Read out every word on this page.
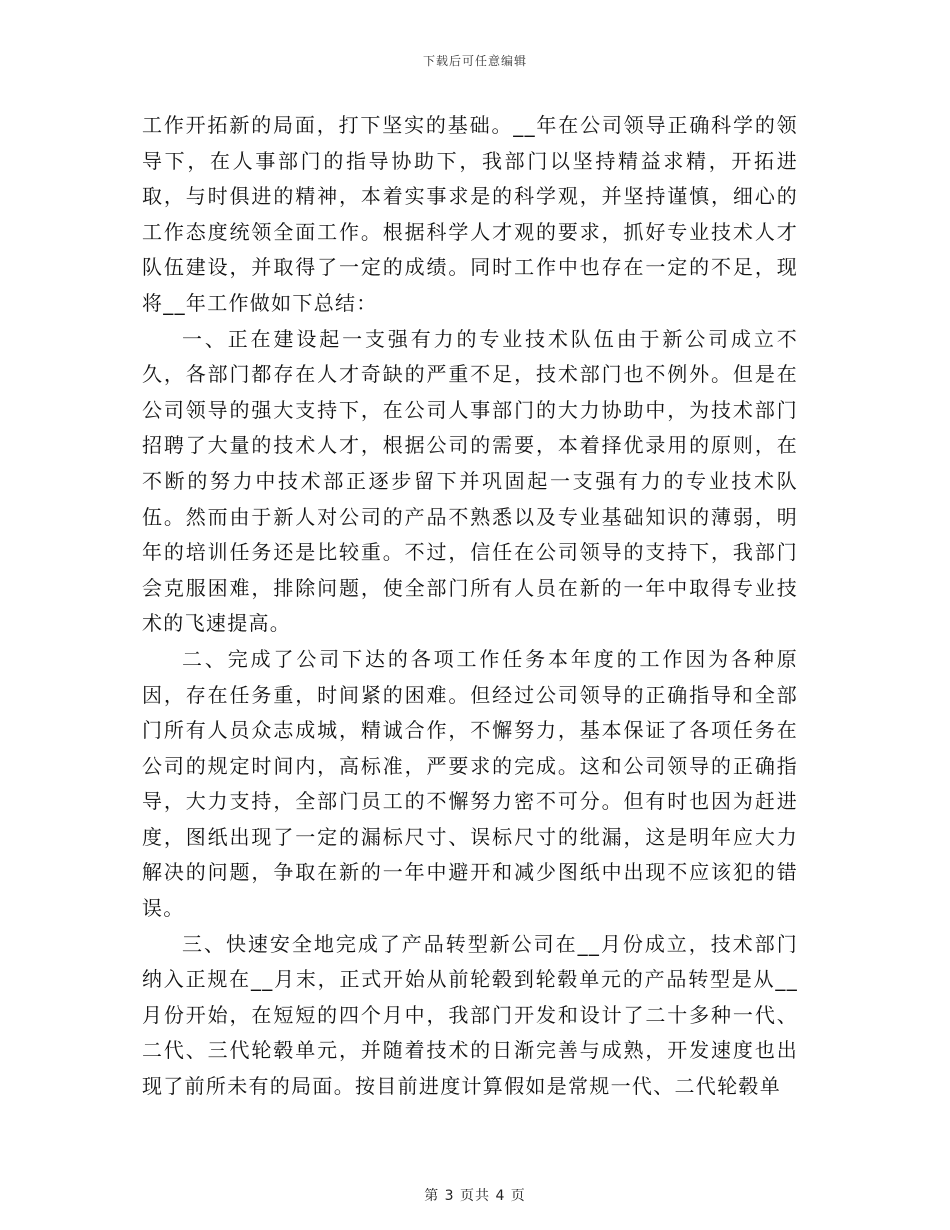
下载后可任意编辑

工作开拓新的局面，打下坚实的基础。__年在公司领导正确科学的领导下，在人事部门的指导协助下，我部门以坚持精益求精，开拓进取，与时俱进的精神，本着实事求是的科学观，并坚持谨慎，细心的工作态度统领全面工作。根据科学人才观的要求，抓好专业技术人才队伍建设，并取得了一定的成绩。同时工作中也存在一定的不足，现将__年工作做如下总结：

一、正在建设起一支强有力的专业技术队伍由于新公司成立不久，各部门都存在人才奇缺的严重不足，技术部门也不例外。但是在公司领导的强大支持下，在公司人事部门的大力协助中，为技术部门招聘了大量的技术人才，根据公司的需要，本着择优录用的原则，在不断的努力中技术部正逐步留下并巩固起一支强有力的专业技术队伍。然而由于新人对公司的产品不熟悉以及专业基础知识的薄弱，明年的培训任务还是比较重。不过，信任在公司领导的支持下，我部门会克服困难，排除问题，使全部门所有人员在新的一年中取得专业技术的飞速提高。

二、完成了公司下达的各项工作任务本年度的工作因为各种原因，存在任务重，时间紧的困难。但经过公司领导的正确指导和全部门所有人员众志成城，精诚合作，不懈努力，基本保证了各项任务在公司的规定时间内，高标准，严要求的完成。这和公司领导的正确指导，大力支持，全部门员工的不懈努力密不可分。但有时也因为赶进度，图纸出现了一定的漏标尺寸、误标尺寸的纰漏，这是明年应大力解决的问题，争取在新的一年中避开和减少图纸中出现不应该犯的错误。

三、快速安全地完成了产品转型新公司在__月份成立，技术部门纳入正规在__月末，正式开始从前轮毂到轮毂单元的产品转型是从__月份开始，在短短的四个月中，我部门开发和设计了二十多种一代、二代、三代轮毂单元，并随着技术的日渐完善与成熟，开发速度也出现了前所未有的局面。按目前进度计算假如是常规一代、二代轮毂单

第 3 页共 4 页
